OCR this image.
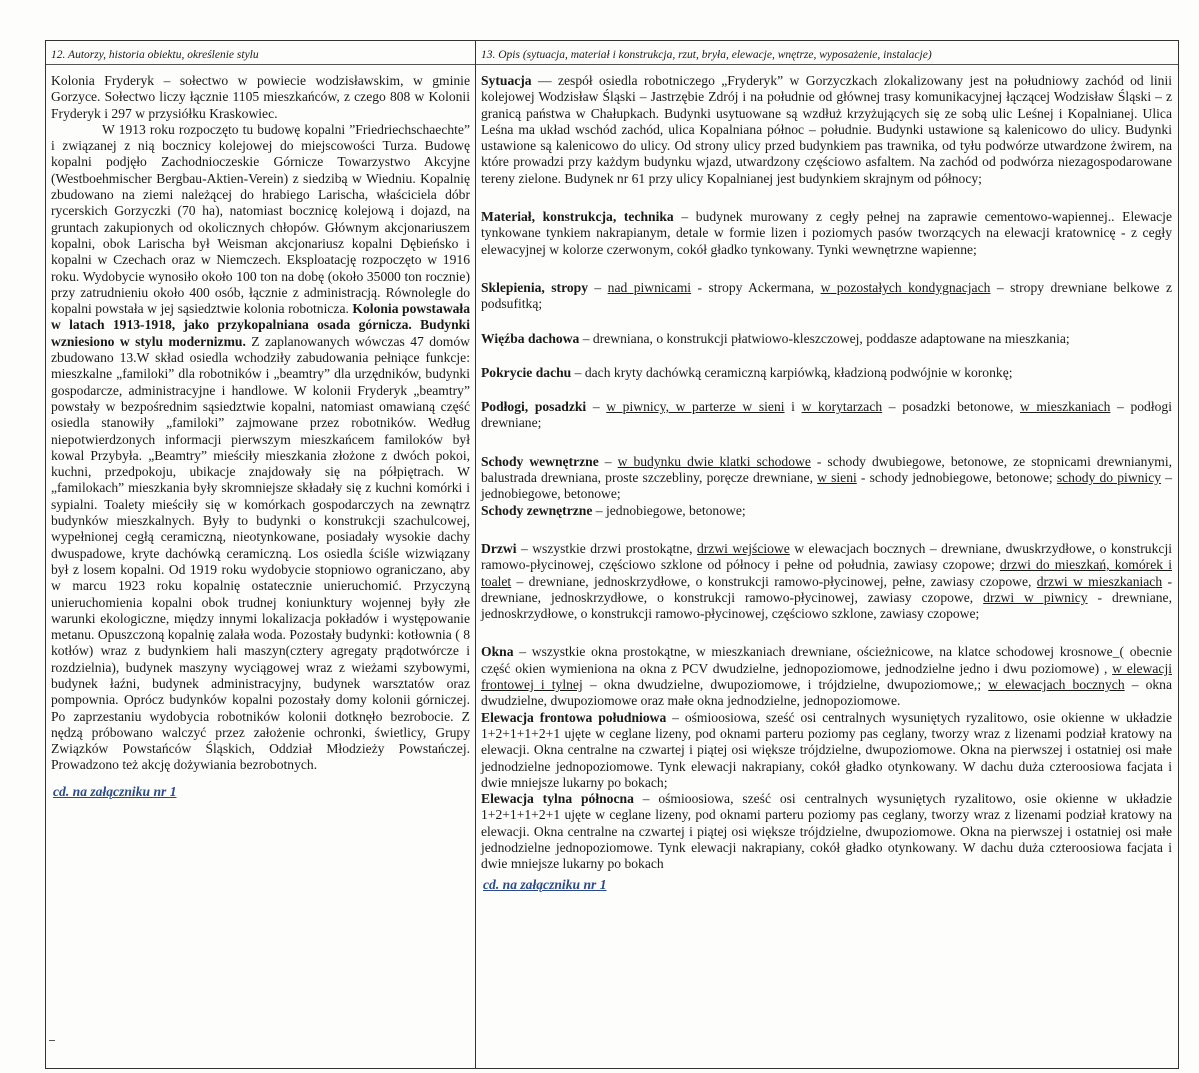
12. Autorzy, historia obiektu, określenie stylu

Kolonia Fryderyk – sołectwo w powiecie wodzisławskim, w gminie Gorzyce. Sołectwo liczy łącznie 1105 mieszkańców, z czego 808 w Kolonii Fryderyk i 297 w przysiółku Kraskowiec.

W 1913 roku rozpoczęto tu budowę kopalni ”Friedriechschaechte” i związanej z nią bocznicy kolejowej do miejscowości Turza. Budowę kopalni podjęło Zachodnioczeskie Górnicze Towarzystwo Akcyjne (Westboehmischer Bergbau-Aktien-Verein) z siedzibą w Wiedniu. Kopalnię zbudowano na ziemi należącej do hrabiego Larischa, właściciela dóbr rycerskich Gorzyczki (70 ha), natomiast bocznicę kolejową i dojazd, na gruntach zakupionych od okolicznych chłopów. Głównym akcjonariuszem kopalni, obok Larischa był Weisman akcjonariusz kopalni Dębieńsko i kopalni w Czechach oraz w Niemczech. Eksploatację rozpoczęto w 1916 roku. Wydobycie wynosiło około 100 ton na dobę (około 35000 ton rocznie) przy zatrudnieniu około 400 osób, łącznie z administracją. Równolegle do kopalni powstała w jej sąsiedztwie kolonia robotnicza. Kolonia powstawała w latach 1913-1918, jako przykopalniana osada górnicza. Budynki wzniesiono w stylu modernizmu. Z zaplanowanych wówczas 47 domów zbudowano 13.W skład osiedla wchodziły zabudowania pełniące funkcje: mieszkalne „familoki” dla robotników i „beamtry” dla urzędników, budynki gospodarcze, administracyjne i handlowe. W kolonii Fryderyk „beamtry” powstały w bezpośrednim sąsiedztwie kopalni, natomiast omawianą część osiedla stanowiły „familoki” zajmowane przez robotników. Według niepotwierdzonych informacji pierwszym mieszkańcem familoków był kowal Przybyła. „Beamtry” mieściły mieszkania złożone z dwóch pokoi, kuchni, przedpokoju, ubikacje znajdowały się na półpiętrach. W „familokach” mieszkania były skromniejsze składały się z kuchni komórki i sypialni. Toalety mieściły się w komórkach gospodarczych na zewnątrz budynków mieszkalnych. Były to budynki o konstrukcji szachulcowej, wypełnionej cegłą ceramiczną, nieotynkowane, posiadały wysokie dachy dwuspadowe, kryte dachówką ceramiczną. Los osiedla ściśle wizwiązany był z losem kopalni. Od 1919 roku wydobycie stopniowo ograniczano, aby w marcu 1923 roku kopalnię ostatecznie unieruchomić. Przyczyną unieruchomienia kopalni obok trudnej koniunktury wojennej były złe warunki ekologiczne, między innymi lokalizacja pokładów i występowanie metanu. Opuszczoną kopalnię zalała woda. Pozostały budynki: kotłownia ( 8 kotłów) wraz z budynkiem hali maszyn(cztery agregaty prądotwórcze i rozdzielnia), budynek maszyny wyciągowej wraz z wieżami szybowymi, budynek łaźni, budynek administracyjny, budynek warsztatów oraz pompownia. Oprócz budynków kopalni pozostały domy kolonii górniczej. Po zaprzestaniu wydobycia robotników kolonii dotknęło bezrobocie. Z nędzą próbowano walczyć przez założenie ochronki, świetlicy, Grupy Związków Powstańców Śląskich, Oddział Młodzieży Powstańczej. Prowadzono też akcję dożywiania bezrobotnych.

cd. na załączniku nr 1
13. Opis (sytuacja, materiał i konstrukcja, rzut, bryła, elewacje, wnętrze, wyposażenie, instalacje)

Sytuacja — zespół osiedla robotniczego „Fryderyk” w Gorzyczkach zlokalizowany jest na południowy zachód od linii kolejowej Wodzisław Śląski – Jastrzębie Zdrój i na południe od głównej trasy komunikacyjnej łączącej Wodzisław Śląski – z granicą państwa w Chałupkach. Budynki usytuowane są wzdłuż krzyżujących się ze sobą ulic Leśnej i Kopalnianej. Ulica Leśna ma układ wschód zachód, ulica Kopalniana północ – południe. Budynki ustawione są kalenicowo do ulicy. Budynki ustawione są kalenicowo do ulicy. Od strony ulicy przed budynkiem pas trawnika, od tyłu podwórze utwardzone żwirem, na które prowadzi przy każdym budynku wjazd, utwardzony częściowo asfaltem. Na zachód od podwórza niezagospodarowane tereny zielone. Budynek nr 61 przy ulicy Kopalnianej jest budynkiem skrajnym od północy;

Materiał, konstrukcja, technika – budynek murowany z cegły pełnej na zaprawie cementowo-wapiennej.. Elewacje tynkowane tynkiem nakrapianym, detale w formie lizen i poziomych pasów tworzących na elewacji kratownicę - z cegły elewacyjnej w kolorze czerwonym, cokół gładko tynkowany. Tynki wewnętrzne wapienne;

Sklepienia, stropy – nad piwnicami - stropy Ackermana, w pozostałych kondygnacjach – stropy drewniane belkowe z podsufitką;

Więźba dachowa – drewniana, o konstrukcji płatwiowo-kleszczowej, poddasze adaptowane na mieszkania;

Pokrycie dachu – dach kryty dachówką ceramiczną karpiówką, kładzioną podwójnie w koronkę;

Podłogi, posadzki – w piwnicy, w parterze w sieni i w korytarzach – posadzki betonowe, w mieszkaniach – podłogi drewniane;

Schody wewnętrzne – w budynku dwie klatki schodowe - schody dwubiegowe, betonowe, ze stopnicami drewnianymi, balustrada drewniana, proste szczebliny, poręcze drewniane, w sieni - schody jednobiegowe, betonowe; schody do piwnicy – jednobiegowe, betonowe;

Schody zewnętrzne – jednobiegowe, betonowe;

Drzwi – wszystkie drzwi prostokątne, drzwi wejściowe w elewacjach bocznych – drewniane, dwuskrzydłowe, o konstrukcji ramowo-płycinowej, częściowo szklone od północy i pełne od południa, zawiasy czopowe; drzwi do mieszkań, komórek i toalet – drewniane, jednoskrzydłowe, o konstrukcji ramowo-płycinowej, pełne, zawiasy czopowe, drzwi w mieszkaniach - drewniane, jednoskrzydłowe, o konstrukcji ramowo-płycinowej, zawiasy czopowe, drzwi w piwnicy - drewniane, jednoskrzydłowe, o konstrukcji ramowo-płycinowej, częściowo szklone, zawiasy czopowe;

Okna – wszystkie okna prostokątne, w mieszkaniach drewniane, ościeżnicowe, na klatce schodowej krosnowe_( obecnie część okien wymieniona na okna z PCV dwudzielne, jednopoziomowe, jednodzielne jedno i dwu poziomowe) , w elewacji frontowej i tylnej – okna dwudzielne, dwupoziomowe, i trójdzielne, dwupoziomowe,; w elewacjach bocznych – okna dwudzielne, dwupoziomowe oraz małe okna jednodzielne, jednopoziomowe.

Elewacja frontowa południowa – ośmioosiowa, sześć osi centralnych wysuniętych ryzalitowo, osie okienne w układzie 1+2+1+1+2+1 ujęte w ceglane lizeny, pod oknami parteru poziomy pas ceglany, tworzy wraz z lizenami podział kratowy na elewacji. Okna centralne na czwartej i piątej osi większe trójdzielne, dwupoziomowe. Okna na pierwszej i ostatniej osi małe jednodzielne jednopoziomowe. Tynk elewacji nakrapiany, cokół gładko otynkowany. W dachu duża czteroosiowa facjata i dwie mniejsze lukarny po bokach;

Elewacja tylna północna – ośmioosiowa, sześć osi centralnych wysuniętych ryzalitowo, osie okienne w układzie 1+2+1+1+2+1 ujęte w ceglane lizeny, pod oknami parteru poziomy pas ceglany, tworzy wraz z lizenami podział kratowy na elewacji. Okna centralne na czwartej i piątej osi większe trójdzielne, dwupoziomowe. Okna na pierwszej i ostatniej osi małe jednodzielne jednopoziomowe. Tynk elewacji nakrapiany, cokół gładko otynkowany. W dachu duża czteroosiowa facjata i dwie mniejsze lukarny po bokach

cd. na załączniku nr 1
